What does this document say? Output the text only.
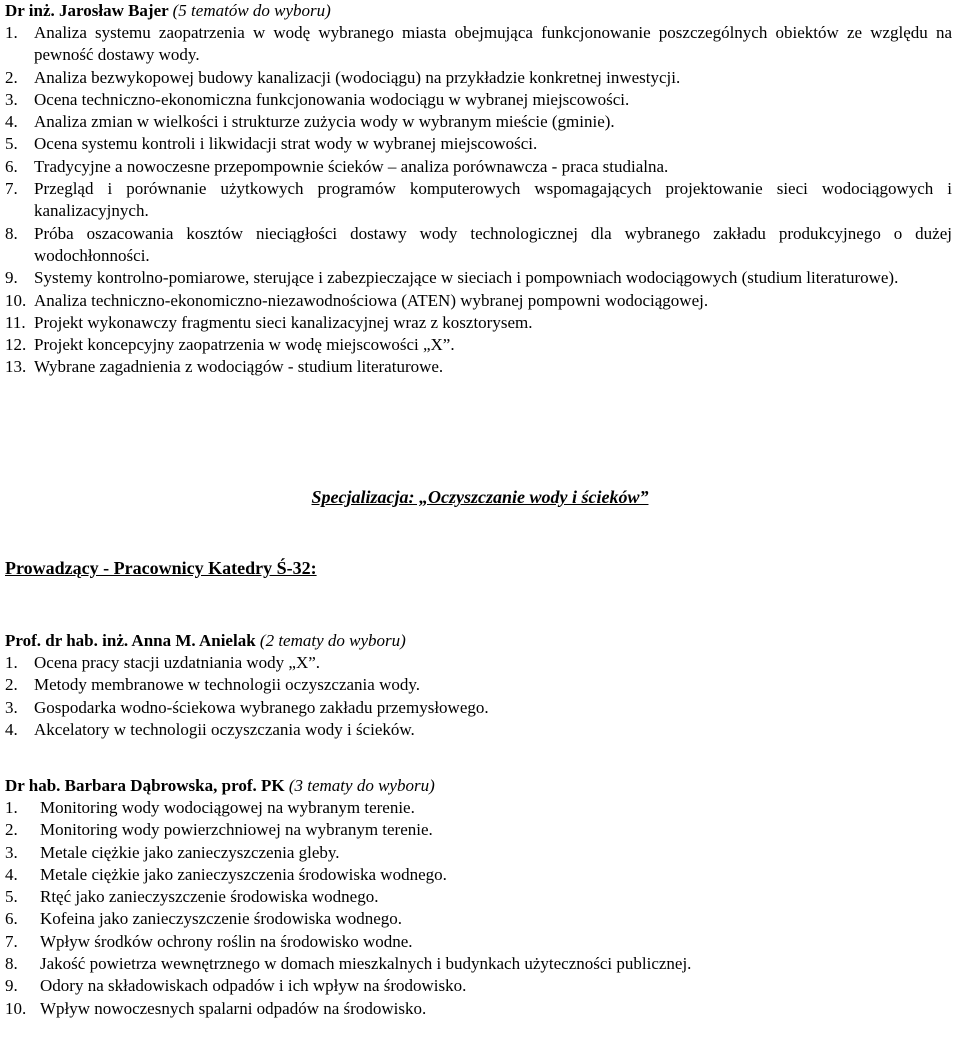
Dr inż. Jarosław Bajer (5 tematów do wyboru)
1. Analiza systemu zaopatrzenia w wodę wybranego miasta obejmująca funkcjonowanie poszczególnych obiektów ze względu na pewność dostawy wody.
2. Analiza bezwykopowej budowy kanalizacji (wodociągu) na przykładzie konkretnej inwestycji.
3. Ocena techniczno-ekonomiczna funkcjonowania wodociągu w wybranej miejscowości.
4. Analiza zmian w wielkości i strukturze zużycia wody w wybranym mieście (gminie).
5. Ocena systemu kontroli i likwidacji strat wody w wybranej miejscowości.
6. Tradycyjne a nowoczesne przepompownie ścieków – analiza porównawcza - praca studialna.
7. Przegląd i porównanie użytkowych programów komputerowych wspomagających projektowanie sieci wodociągowych i kanalizacyjnych.
8. Próba oszacowania kosztów nieciągłości dostawy wody technologicznej dla wybranego zakładu produkcyjnego o dużej wodochłonności.
9. Systemy kontrolno-pomiarowe, sterujące i zabezpieczające w sieciach i pompowniach wodociągowych (studium literaturowe).
10. Analiza techniczno-ekonomiczno-niezawodnościowa (ATEN) wybranej pompowni wodociągowej.
11. Projekt wykonawczy fragmentu sieci kanalizacyjnej wraz z kosztorysem.
12. Projekt koncepcyjny zaopatrzenia w wodę miejscowości „X”.
13. Wybrane zagadnienia z wodociągów - studium literaturowe.
Specjalizacja: „Oczyszczanie wody i ścieków”
Prowadzący - Pracownicy Katedry Ś-32:
Prof. dr hab. inż. Anna M. Anielak (2 tematy do wyboru)
1. Ocena pracy stacji uzdatniania wody „X”.
2. Metody membranowe w technologii oczyszczania wody.
3. Gospodarka wodno-ściekowa wybranego zakładu przemysłowego.
4. Akcelatory w technologii oczyszczania wody i ścieków.
Dr hab. Barbara Dąbrowska, prof. PK (3 tematy do wyboru)
1.	Monitoring wody wodociągowej na wybranym terenie.
2.	Monitoring wody powierzchniowej na wybranym terenie.
3.	Metale ciężkie jako zanieczyszczenia gleby.
4.	Metale ciężkie jako zanieczyszczenia środowiska wodnego.
5.	Rtęć jako zanieczyszczenie środowiska wodnego.
6.	Kofeina jako zanieczyszczenie środowiska wodnego.
7.	Wpływ środków ochrony roślin na środowisko wodne.
8.	Jakość powietrza wewnętrznego w domach mieszkalnych i budynkach użyteczności publicznej.
9.	Odory na składowiskach odpadów i ich wpływ na środowisko.
10. Wpływ nowoczesnych spalarni odpadów na środowisko.
